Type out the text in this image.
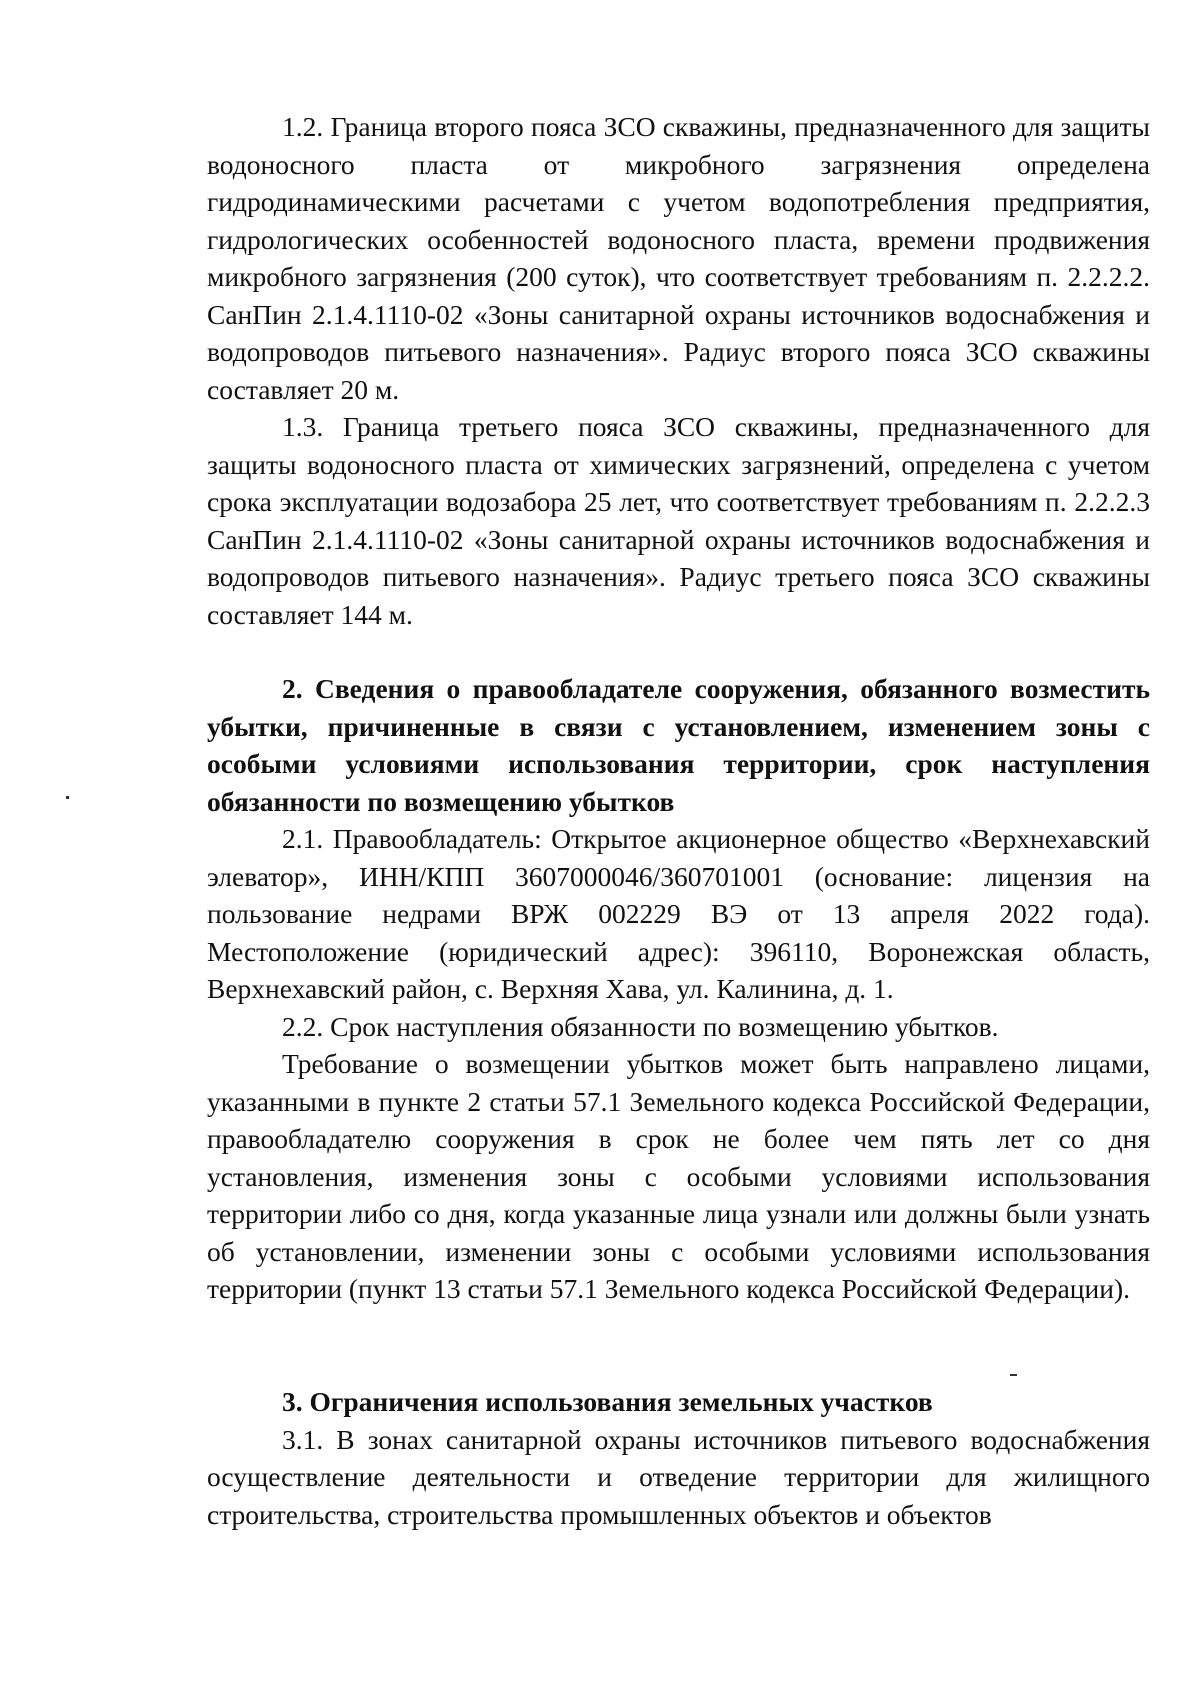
1.2. Граница второго пояса ЗСО скважины, предназначенного для защиты водоносного пласта от микробного загрязнения определена гидродинамическими расчетами с учетом водопотребления предприятия, гидрологических особенностей водоносного пласта, времени продвижения микробного загрязнения (200 суток), что соответствует требованиям п. 2.2.2.2. СанПин 2.1.4.1110-02 «Зоны санитарной охраны источников водоснабжения и водопроводов питьевого назначения». Радиус второго пояса ЗСО скважины составляет 20 м.

1.3. Граница третьего пояса ЗСО скважины, предназначенного для защиты водоносного пласта от химических загрязнений, определена с учетом срока эксплуатации водозабора 25 лет, что соответствует требованиям п. 2.2.2.3 СанПин 2.1.4.1110-02 «Зоны санитарной охраны источников водоснабжения и водопроводов питьевого назначения». Радиус третьего пояса ЗСО скважины составляет 144 м.

2. Сведения о правообладателе сооружения, обязанного возместить убытки, причиненные в связи с установлением, изменением зоны с особыми условиями использования территории, срок наступления обязанности по возмещению убытков

2.1. Правообладатель: Открытое акционерное общество «Верхнехавский элеватор», ИНН/КПП 3607000046/360701001 (основание: лицензия на пользование недрами ВРЖ 002229 ВЭ от 13 апреля 2022 года). Местоположение (юридический адрес): 396110, Воронежская область, Верхнехавский район, с. Верхняя Хава, ул. Калинина, д. 1.

2.2. Срок наступления обязанности по возмещению убытков.

Требование о возмещении убытков может быть направлено лицами, указанными в пункте 2 статьи 57.1 Земельного кодекса Российской Федерации, правообладателю сооружения в срок не более чем пять лет со дня установления, изменения зоны с особыми условиями использования территории либо со дня, когда указанные лица узнали или должны были узнать об установлении, изменении зоны с особыми условиями использования территории (пункт 13 статьи 57.1 Земельного кодекса Российской Федерации).

3. Ограничения использования земельных участков

3.1. В зонах санитарной охраны источников питьевого водоснабжения осуществление деятельности и отведение территории для жилищного строительства, строительства промышленных объектов и объектов
